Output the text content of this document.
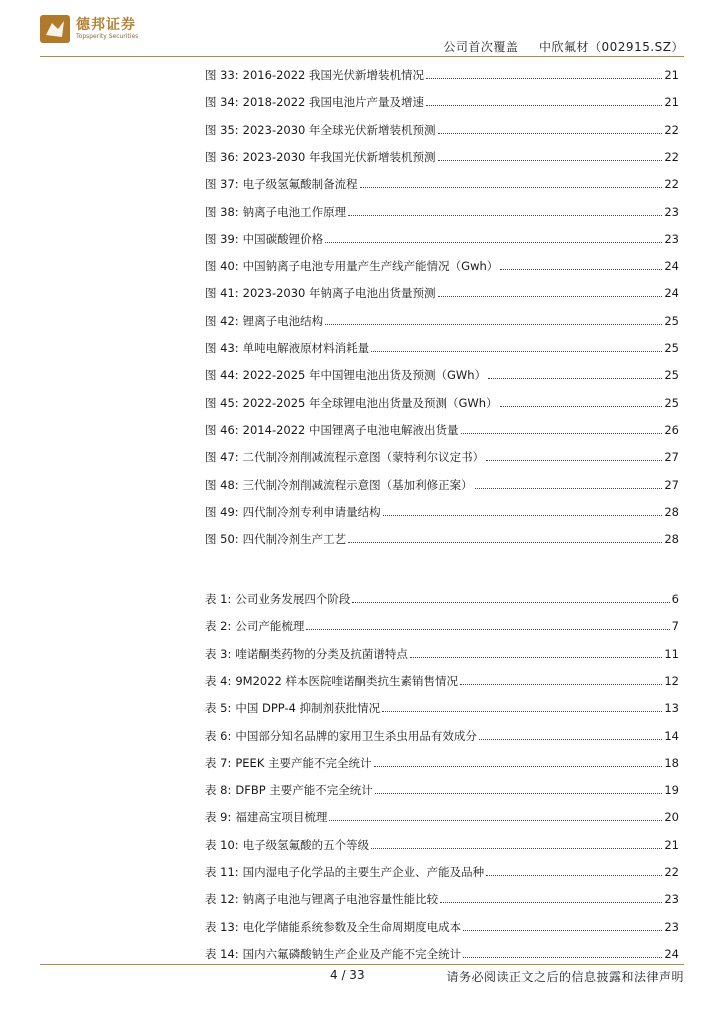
德邦证券
Topsperity Securities
公司首次覆盖 中欣氟材（002915.SZ）
图 33: 2016-2022 我国光伏新增装机情况	21
图 34: 2018-2022 我国电池片产量及增速	21
图 35: 2023-2030 年全球光伏新增装机预测	22
图 36: 2023-2030 年我国光伏新增装机预测	22
图 37: 电子级氢氟酸制备流程	22
图 38: 钠离子电池工作原理	23
图 39: 中国碳酸锂价格	23
图 40: 中国钠离子电池专用量产生产线产能情况（Gwh）	24
图 41: 2023-2030 年钠离子电池出货量预测	24
图 42: 锂离子电池结构	25
图 43: 单吨电解液原材料消耗量	25
图 44: 2022-2025 年中国锂电池出货及预测（GWh）	25
图 45: 2022-2025 年全球锂电池出货量及预测（GWh）	25
图 46: 2014-2022 中国锂离子电池电解液出货量	26
图 47: 二代制冷剂削减流程示意图（蒙特利尔议定书）	27
图 48: 三代制冷剂削减流程示意图（基加利修正案）	27
图 49: 四代制冷剂专利申请量结构	28
图 50: 四代制冷剂生产工艺	28
表 1: 公司业务发展四个阶段	6
表 2: 公司产能梳理	7
表 3: 喹诺酮类药物的分类及抗菌谱特点	11
表 4: 9M2022 样本医院喹诺酮类抗生素销售情况	12
表 5: 中国 DPP-4 抑制剂获批情况	13
表 6: 中国部分知名品牌的家用卫生杀虫用品有效成分	14
表 7: PEEK 主要产能不完全统计	18
表 8: DFBP 主要产能不完全统计	19
表 9: 福建高宝项目梳理	20
表 10: 电子级氢氟酸的五个等级	21
表 11: 国内湿电子化学品的主要生产企业、产能及品种	22
表 12: 钠离子电池与锂离子电池容量性能比较	23
表 13: 电化学储能系统参数及全生命周期度电成本	23
表 14: 国内六氟磷酸钠生产企业及产能不完全统计	24
4 / 33	请务必阅读正文之后的信息披露和法律声明
